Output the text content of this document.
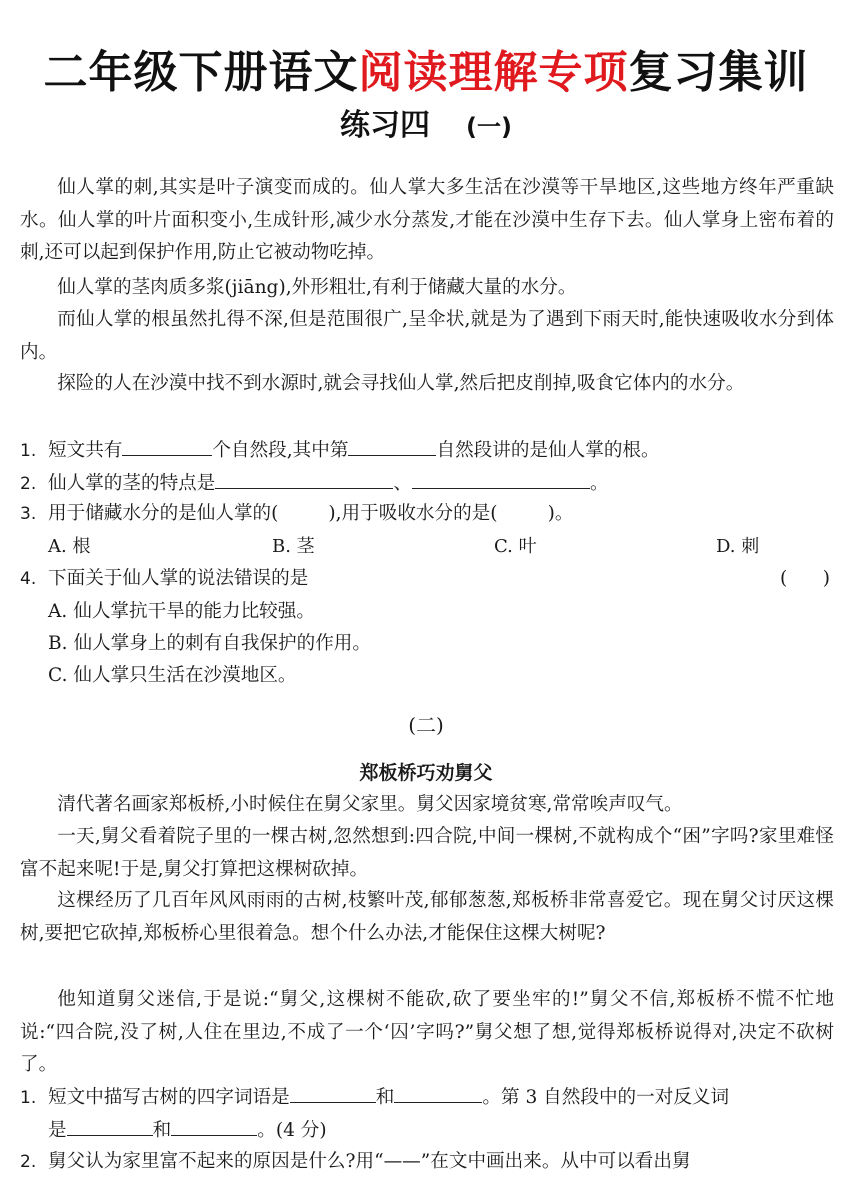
二年级下册语文阅读理解专项复习集训
练习四 (一)

仙人掌的刺,其实是叶子演变而成的。仙人掌大多生活在沙漠等干旱地区,这些地方终年严重缺水。仙人掌的叶片面积变小,生成针形,减少水分蒸发,才能在沙漠中生存下去。仙人掌身上密布着的刺,还可以起到保护作用,防止它被动物吃掉。

仙人掌的茎肉质多浆(jiāng),外形粗壮,有利于储藏大量的水分。

而仙人掌的根虽然扎得不深,但是范围很广,呈伞状,就是为了遇到下雨天时,能快速吸收水分到体内。

探险的人在沙漠中找不到水源时,就会寻找仙人掌,然后把皮削掉,吸食它体内的水分。

1. 短文共有	个自然段,其中第	自然段讲的是仙人掌的根。
2. 仙人掌的茎的特点是	、	。
3. 用于储藏水分的是仙人掌的(	),用于吸收水分的是(	)。
A. 根	B. 茎	C. 叶	D. 刺
4. 下面关于仙人掌的说法错误的是	(      )
A. 仙人掌抗干旱的能力比较强。
B. 仙人掌身上的刺有自我保护的作用。
C. 仙人掌只生活在沙漠地区。
(二)
郑板桥巧劝舅父

清代著名画家郑板桥,小时候住在舅父家里。舅父因家境贫寒,常常唉声叹气。

一天,舅父看着院子里的一棵古树,忽然想到:四合院,中间一棵树,不就构成个“困”字吗?家里难怪富不起来呢!于是,舅父打算把这棵树砍掉。

这棵经历了几百年风风雨雨的古树,枝繁叶茂,郁郁葱葱,郑板桥非常喜爱它。现在舅父讨厌这棵树,要把它砍掉,郑板桥心里很着急。想个什么办法,才能保住这棵大树呢?

他知道舅父迷信,于是说:“舅父,这棵树不能砍,砍了要坐牢的!”舅父不信,郑板桥不慌不忙地说:“四合院,没了树,人住在里边,不成了一个‘囚’字吗?”舅父想了想,觉得郑板桥说得对,决定不砍树了。

1. 短文中描写古树的四字词语是	和	。第 3 自然段中的一对反义词
是	和	。(4 分)
2. 舅父认为家里富不起来的原因是什么?用“——”在文中画出来。从中可以看出舅
